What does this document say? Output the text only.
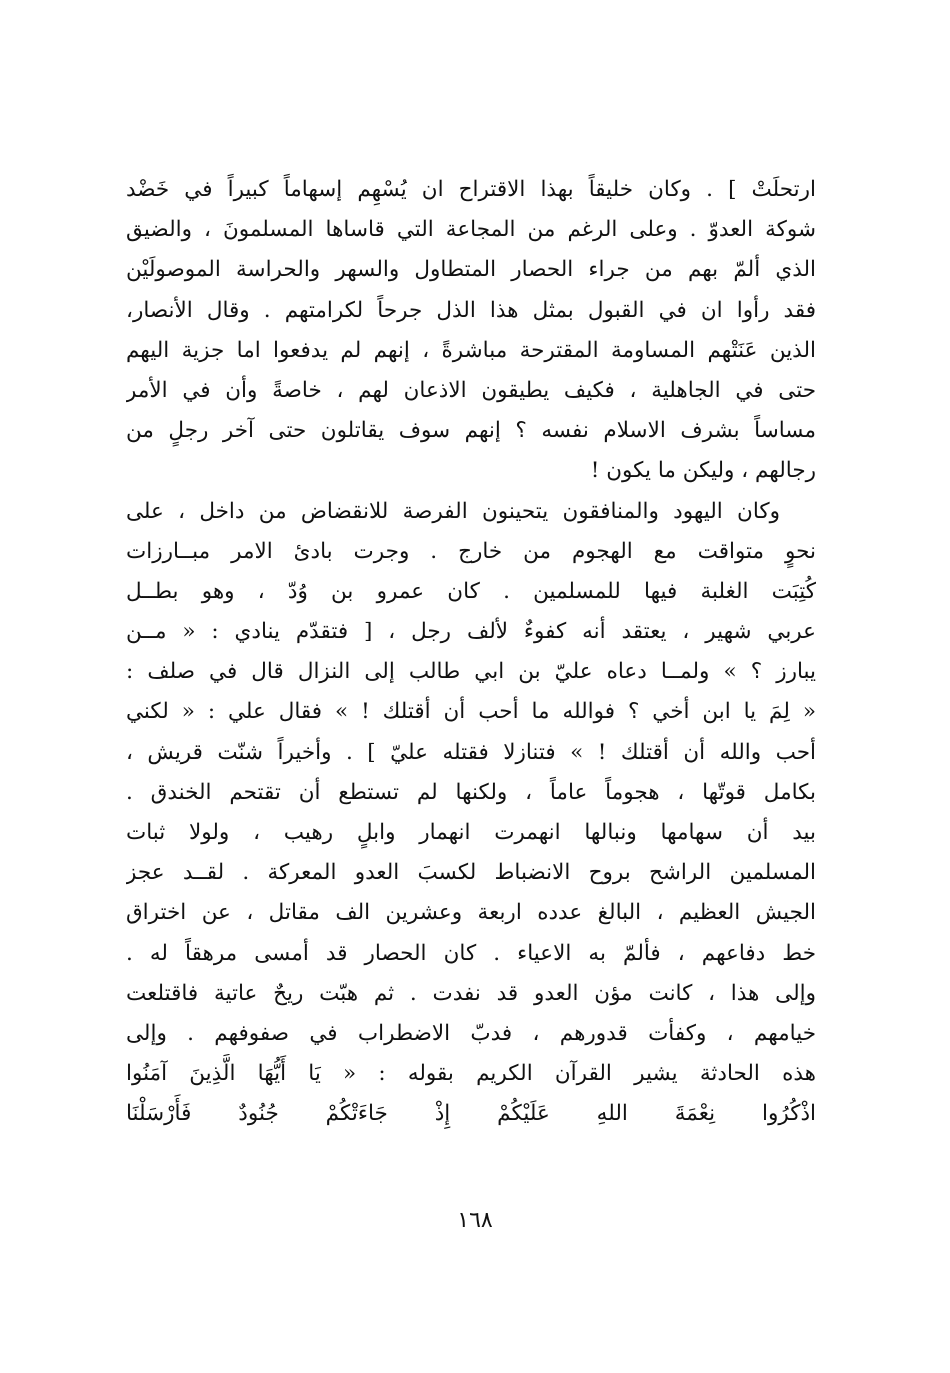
ارتحلَتْ ] . وكان خليقاً بهذا الاقتراح ان يُسْهِم إسهاماً كبيراً في خَضْد
شوكة العدوّ . وعلى الرغم من المجاعة التي قاساها المسلمونَ ، والضيق
الذي ألمّ بهم من جراء الحصار المتطاول والسهر والحراسة الموصولَيْن
فقد رأوا ان في القبول بمثل هذا الذل جرحاً لكرامتهم . وقال الأنصار،
الذين عَنَتْهم المساومة المقترحة مباشرةً ، إنهم لم يدفعوا اما جزية اليهم
حتى في الجاهلية ، فكيف يطيقون الاذعان لهم ، خاصةً وأن في الأمر
مساساً بشرف الاسلام نفسه ؟ إنهم سوف يقاتلون حتى آخر رجلٍ من
رجالهم ، وليكن ما يكون !
وكان اليهود والمنافقون يتحينون الفرصة للانقضاض من داخل ، على
نحوٍ متواقت مع الهجوم من خارج . وجرت بادئ الامر مبــارزات
كُتِبَت الغلبة فيها للمسلمين . كان عمرو بن وُدّ ، وهو بطــل
عربي شهير ، يعتقد أنه كفوءٌ لألف رجل ، [ فتقدّم ينادي : « مــن
يبارز ؟ » ولمــا دعاه عليّ بن ابي طالب إلى النزال قال في صلف :
« لِمَ يا ابن أخي ؟ فوالله ما أحب أن أقتلك ! » فقال علي : « لكني
أحب والله أن أقتلك ! » فتنازلا فقتله عليّ ] . وأخيراً شنّت قريش ،
بكامل قوتّها ، هجوماً عاماً ، ولكنها لم تستطع أن تقتحم الخندق .
بيد أن سهامها ونبالها انهمرت انهمار وابلٍ رهيب ، ولولا ثبات
المسلمين الراشح بروح الانضباط لكسبَ العدو المعركة . لقــد عجز
الجيش العظيم ، البالغ عدده اربعة وعشرين الف مقاتل ، عن اختراق
خط دفاعهم ، فألمّ به الاعياء . كان الحصار قد أمسى مرهقاً له .
وإلى هذا ، كانت مؤن العدو قد نفدت . ثم هبّت ريحٌ عاتية فاقتلعت
خيامهم ، وكفأت قدورهم ، فدبّ الاضطراب في صفوفهم . وإلى
هذه الحادثة يشير القرآن الكريم بقوله : « يَا أَيُّهَا الَّذِينَ آمَنُوا
اذْكُرُوا نِعْمَةَ اللهِ عَلَيْكُمْ إِذْ جَاءَتْكُمْ جُنُودٌ فَأَرْسَلْنَا
١٦٨
